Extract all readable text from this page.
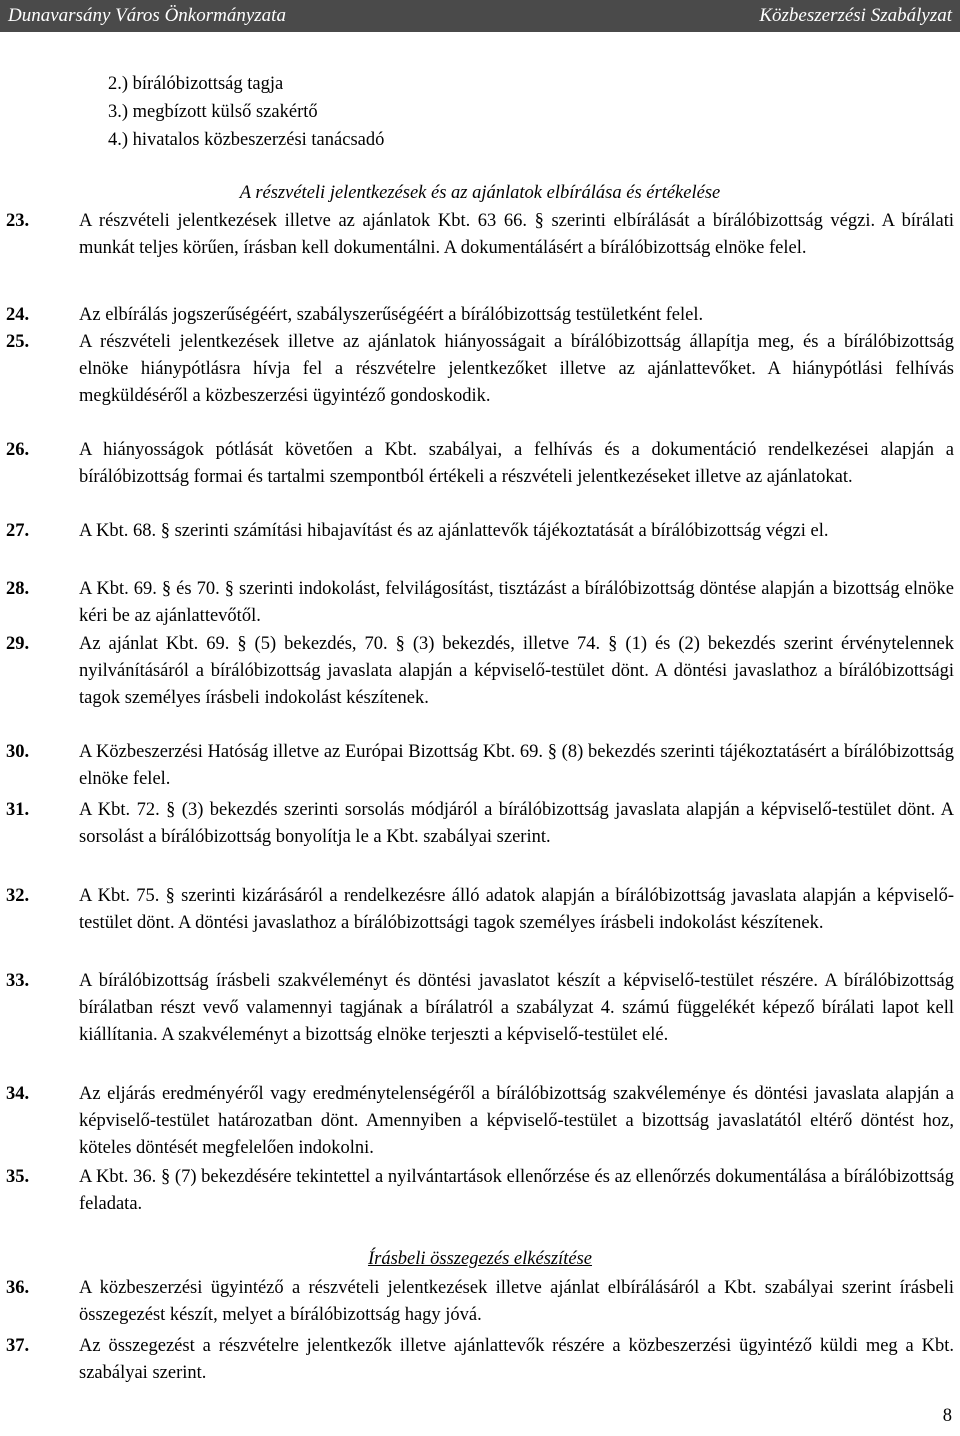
Dunavarsány Város Önkormányzata	Közbeszerzési Szabályzat
2.) bírálóbizottság tagja
3.) megbízott külső szakértő
4.) hivatalos közbeszerzési tanácsadó
A részvételi jelentkezések és az ajánlatok elbírálása és értékelése
23.	A részvételi jelentkezések illetve az ajánlatok Kbt. 63 66. § szerinti elbírálását a bírálóbizottság végzi. A bírálati munkát teljes körűen, írásban kell dokumentálni. A dokumentálásért a bírálóbizottság elnöke felel.
24.	Az elbírálás jogszerűségéért, szabályszerűségéért a bírálóbizottság testületként felel.
25.	A részvételi jelentkezések illetve az ajánlatok hiányosságait a bírálóbizottság állapítja meg, és a bírálóbizottság elnöke hiánypótlásra hívja fel a részvételre jelentkezőket illetve az ajánlattevőket. A hiánypótlási felhívás megküldéséről a közbeszerzési ügyintéző gondoskodik.
26.	A hiányosságok pótlását követően a Kbt. szabályai, a felhívás és a dokumentáció rendelkezései alapján a bírálóbizottság formai és tartalmi szempontból értékeli a részvételi jelentkezéseket illetve az ajánlatokat.
27.	A Kbt. 68. § szerinti számítási hibajavítást és az ajánlattevők tájékoztatását a bírálóbizottság végzi el.
28.	A Kbt. 69. § és 70. § szerinti indokolást, felvilágosítást, tisztázást a bírálóbizottság döntése alapján a bizottság elnöke kéri be az ajánlattevőtől.
29.	Az ajánlat Kbt. 69. § (5) bekezdés, 70. § (3) bekezdés, illetve 74. § (1) és (2) bekezdés szerint érvénytelennek nyilvánításáról a bírálóbizottság javaslata alapján a képviselő-testület dönt. A döntési javaslathoz a bírálóbizottsági tagok személyes írásbeli indokolást készítenek.
30.	A Közbeszerzési Hatóság illetve az Európai Bizottság Kbt. 69. § (8) bekezdés szerinti tájékoztatásért a bírálóbizottság elnöke felel.
31.	A Kbt. 72. § (3) bekezdés szerinti sorsolás módjáról a bírálóbizottság javaslata alapján a képviselő-testület dönt. A sorsolást a bírálóbizottság bonyolítja le a Kbt. szabályai szerint.
32.	A Kbt. 75. § szerinti kizárásáról a rendelkezésre álló adatok alapján a bírálóbizottság javaslata alapján a képviselő-testület dönt. A döntési javaslathoz a bírálóbizottsági tagok személyes írásbeli indokolást készítenek.
33.	A bírálóbizottság írásbeli szakvéleményt és döntési javaslatot készít a képviselő-testület részére. A bírálóbizottság bírálatban részt vevő valamennyi tagjának a bírálatról a szabályzat 4. számú függelékét képező bírálati lapot kell kiállítania. A szakvéleményt a bizottság elnöke terjeszti a képviselő-testület elé.
34.	Az eljárás eredményéről vagy eredménytelenségéről a bírálóbizottság szakvéleménye és döntési javaslata alapján a képviselő-testület határozatban dönt. Amennyiben a képviselő-testület a bizottság javaslatától eltérő döntést hoz, köteles döntését megfelelően indokolni.
35.	A Kbt. 36. § (7) bekezdésére tekintettel a nyilvántartások ellenőrzése és az ellenőrzés dokumentálása a bírálóbizottság feladata.
Írásbeli összegezés elkészítése
36.	A közbeszerzési ügyintéző a részvételi jelentkezések illetve ajánlat elbírálásáról a Kbt. szabályai szerint írásbeli összegezést készít, melyet a bírálóbizottság hagy jóvá.
37.	Az összegezést a részvételre jelentkezők illetve ajánlattevők részére a közbeszerzési ügyintéző küldi meg a Kbt. szabályai szerint.
8
